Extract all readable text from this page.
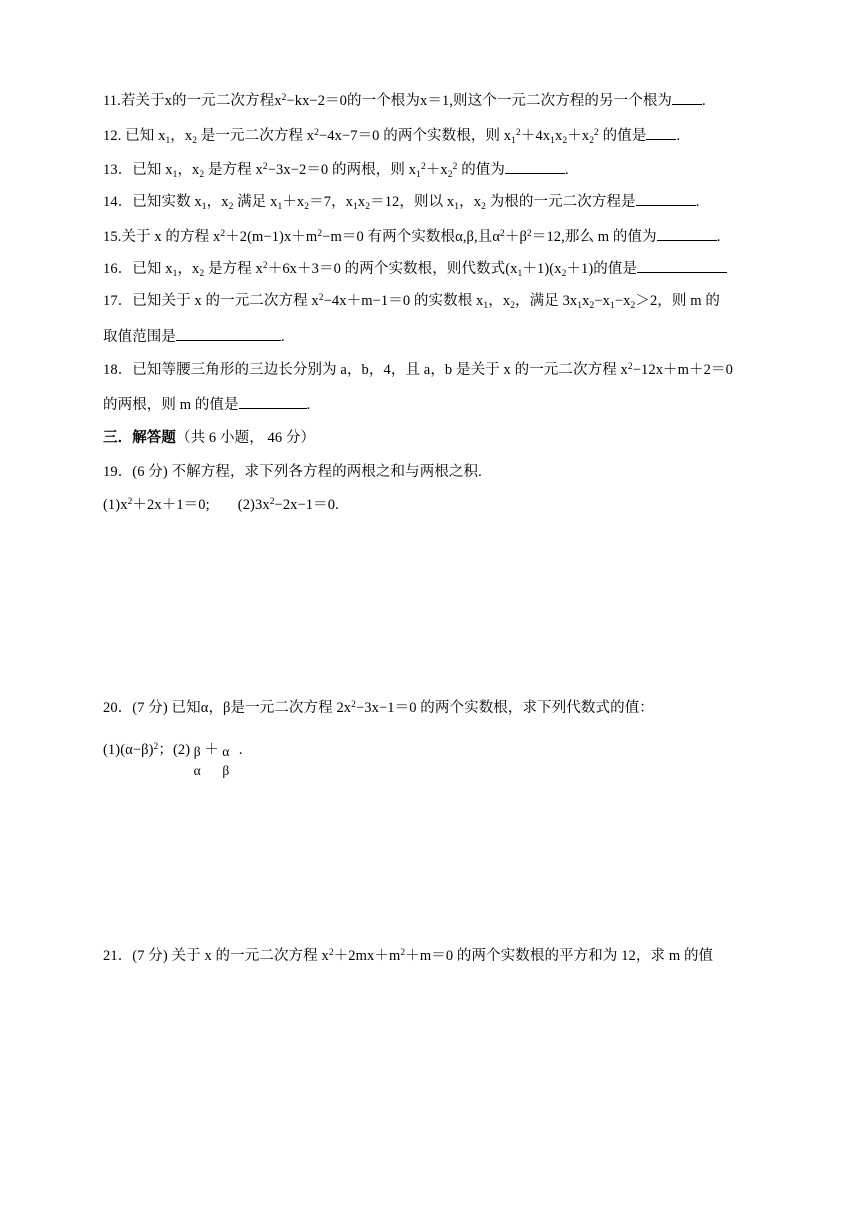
11.若关于x的一元二次方程$x^2-kx-2=0$的一个根为x＝1,则这个一元二次方程的另一个根为 .
12. 已知 $x_1$，$x_2$ 是一元二次方程 $x^2-4x-7=0$ 的两个实数根，则 $x_1^2+4x_1x_2+x_2^2$ 的值是 .
13．已知 $x_1$，$x_2$ 是方程 $x^2-3x-2=0$ 的两根，则 $x_1^2+x_2^2$ 的值为	.
14．已知实数 $x_1$，$x_2$ 满足 $x_1+x_2=7$，$x_1x_2=12$，则以 $x_1$，$x_2$ 为根的一元二次方程是	.
15.关于 x 的方程 $x^2+2(m-1)x+m^2-m=0$ 有两个实数根α,β,且$\alpha^2+\beta^2=12$,那么 m 的值为	.
16．已知 $x_1$，$x_2$ 是方程 $x^2+6x+3=0$ 的两个实数根，则代数式$(x_1+1)(x_2+1)$的值是
17．已知关于 x 的一元二次方程 $x^2-4x+m-1=0$ 的实数根 $x_1$，$x_2$，满足 $3x_1x_2-x_1-x_2>2$，则 m 的
取值范围是	.
18．已知等腰三角形的三边长分别为 a，b，4，且 a，b 是关于 x 的一元二次方程 $x^2-12x+m+2=0$
的两根，则 m 的值是	.
三．解答题（共 6 小题， 46 分）
19．(6 分) 不解方程，求下列各方程的两根之和与两根之积.
$(1)x^2+2x+1=0$; $(2)3x^2-2x-1=0$.
20．(7 分) 已知α，β是一元二次方程 $2x^2-3x-1=0$ 的两个实数根，求下列代数式的值：
$(1)(\alpha-\beta)^2$；(2) β
α
＋ α
β
.
21．(7 分) 关于 x 的一元二次方程 $x^2+2mx+m^2+m=0$ 的两个实数根的平方和为 12，求 m 的值
